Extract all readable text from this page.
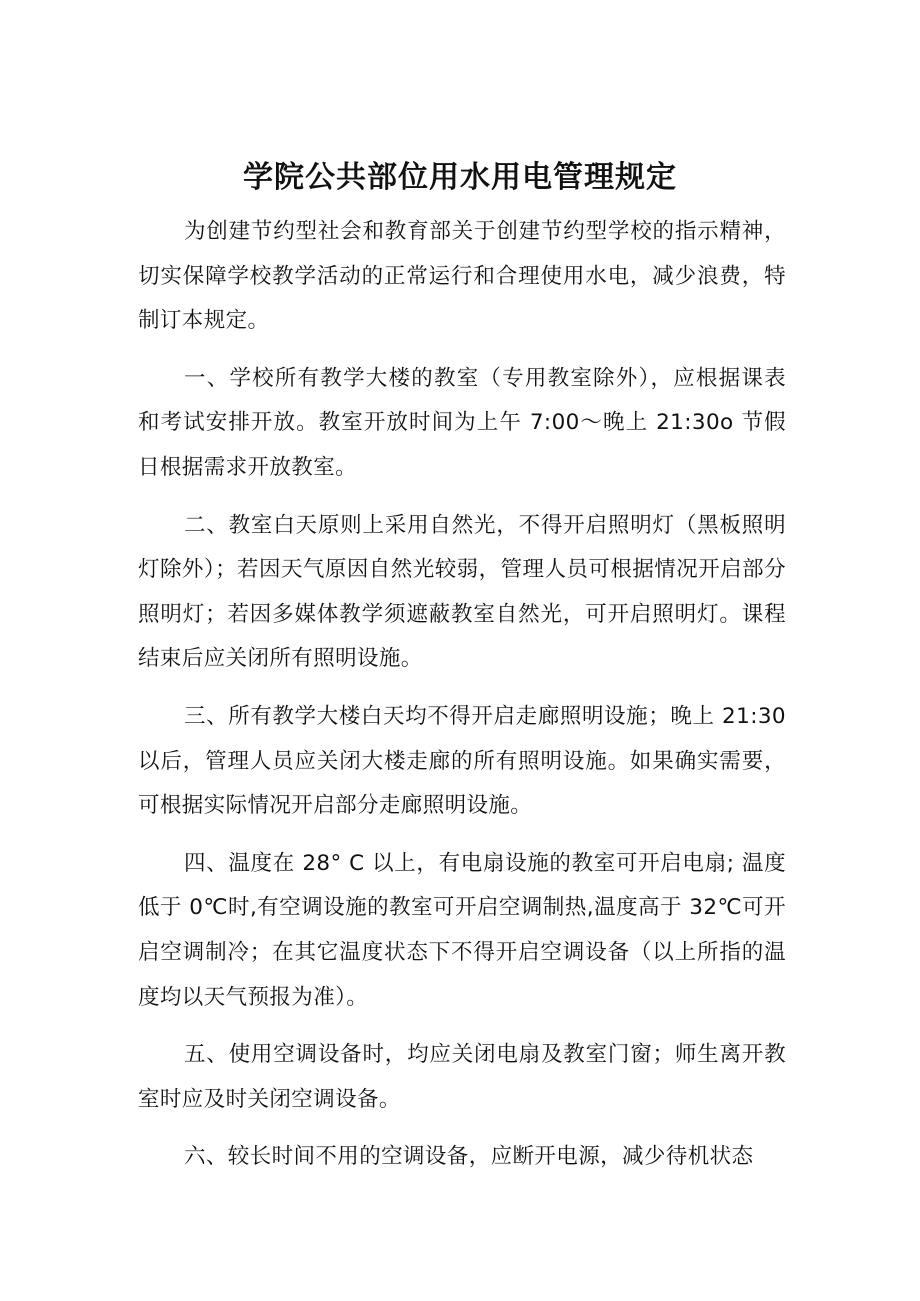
学院公共部位用水用电管理规定

为创建节约型社会和教育部关于创建节约型学校的指示精神，切实保障学校教学活动的正常运行和合理使用水电，减少浪费，特制订本规定。

一、学校所有教学大楼的教室（专用教室除外），应根据课表和考试安排开放。教室开放时间为上午 7:00～晚上 21:30o 节假日根据需求开放教室。

二、教室白天原则上采用自然光，不得开启照明灯（黑板照明灯除外）；若因天气原因自然光较弱，管理人员可根据情况开启部分照明灯；若因多媒体教学须遮蔽教室自然光，可开启照明灯。课程结束后应关闭所有照明设施。

三、所有教学大楼白天均不得开启走廊照明设施；晚上 21:30 以后，管理人员应关闭大楼走廊的所有照明设施。如果确实需要，可根据实际情况开启部分走廊照明设施。

四、温度在 28° C 以上，有电扇设施的教室可开启电扇; 温度低于 0℃时,有空调设施的教室可开启空调制热,温度高于 32℃可开启空调制冷；在其它温度状态下不得开启空调设备（以上所指的温度均以天气预报为准）。

五、使用空调设备时，均应关闭电扇及教室门窗；师生离开教室时应及时关闭空调设备。

六、较长时间不用的空调设备，应断开电源，减少待机状态
